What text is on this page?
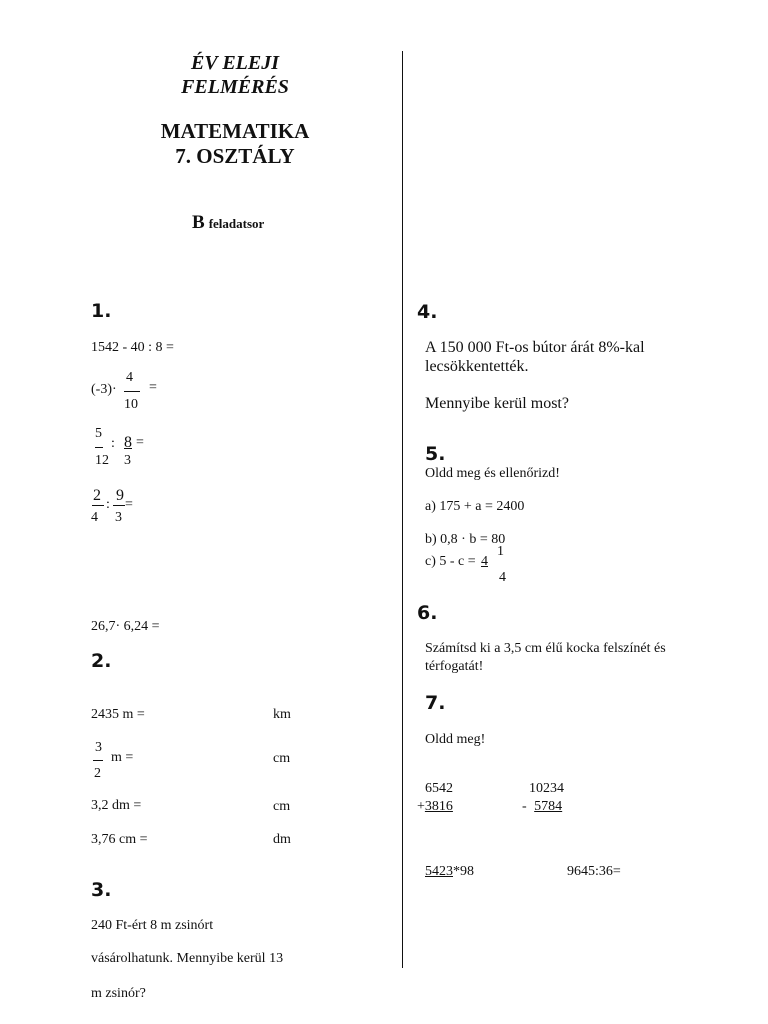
ÉV ELEJI
FELMÉRÉS
MATEMATIKA
7. OSZTÁLY
B feladatsor
1.
1542 - 40 : 8 =
(-3)·
4
10
=
5
12
: 8
3
=
2
4
:
9
3
=
26,7· 6,24 =
2.
2435 m =	km
3
2
m =	cm
3,2 dm =	cm
3,76 cm =	dm
3.
240 Ft-ért 8 m zsinórt
vásárolhatunk. Mennyibe kerül 13
m zsinór?
4.
A 150 000 Ft-os bútor árát 8%-kal
lecsökkentették.
Mennyibe kerül most?
5.
Oldd meg és ellenőrizd!
a) 175 + a = 2400
b) 0,8 · b = 80
c) 5 - c = 4
1
4
6.
Számítsd ki a 3,5 cm élű kocka felszínét és
térfogatát!
7.
Oldd meg!
6542
+3816
10234
- 5784
5423*98	9645:36=
